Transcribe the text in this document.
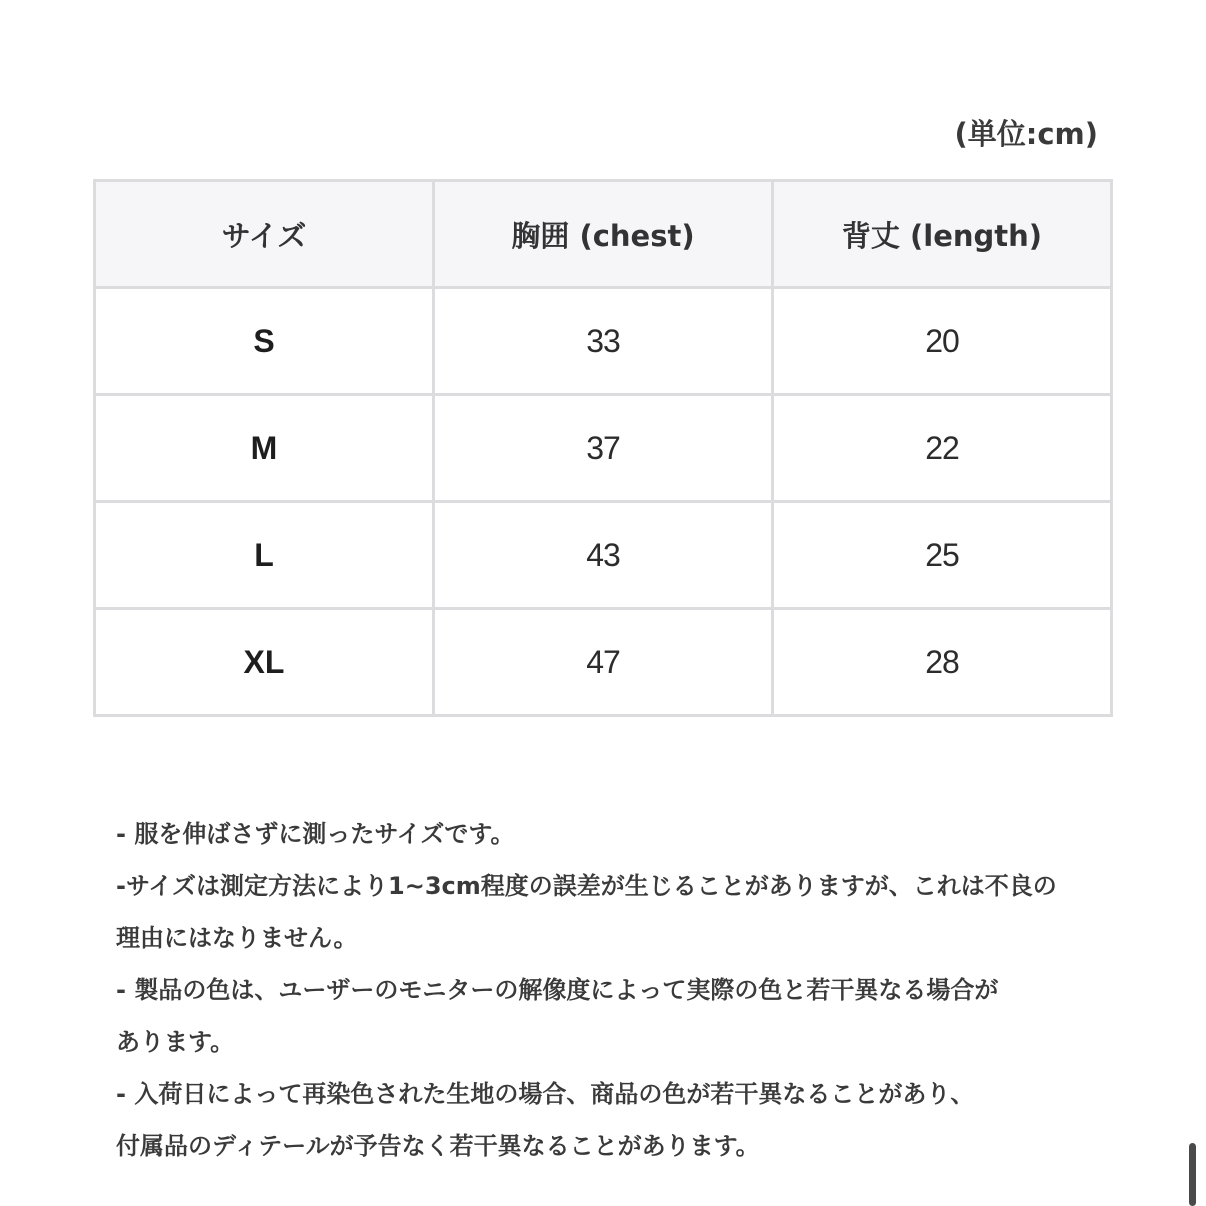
(単位:cm)
サイズ	胸囲 (chest)	背丈 (length)
S	33	20
M	37	22
L	43	25
XL	47	28
- 服を伸ばさずに測ったサイズです。
-サイズは測定方法により1~3cm程度の誤差が生じることがありますが、これは不良の
理由にはなりません。
- 製品の色は、ユーザーのモニターの解像度によって実際の色と若干異なる場合が
あります。
- 入荷日によって再染色された生地の場合、商品の色が若干異なることがあり、
付属品のディテールが予告なく若干異なることがあります。
